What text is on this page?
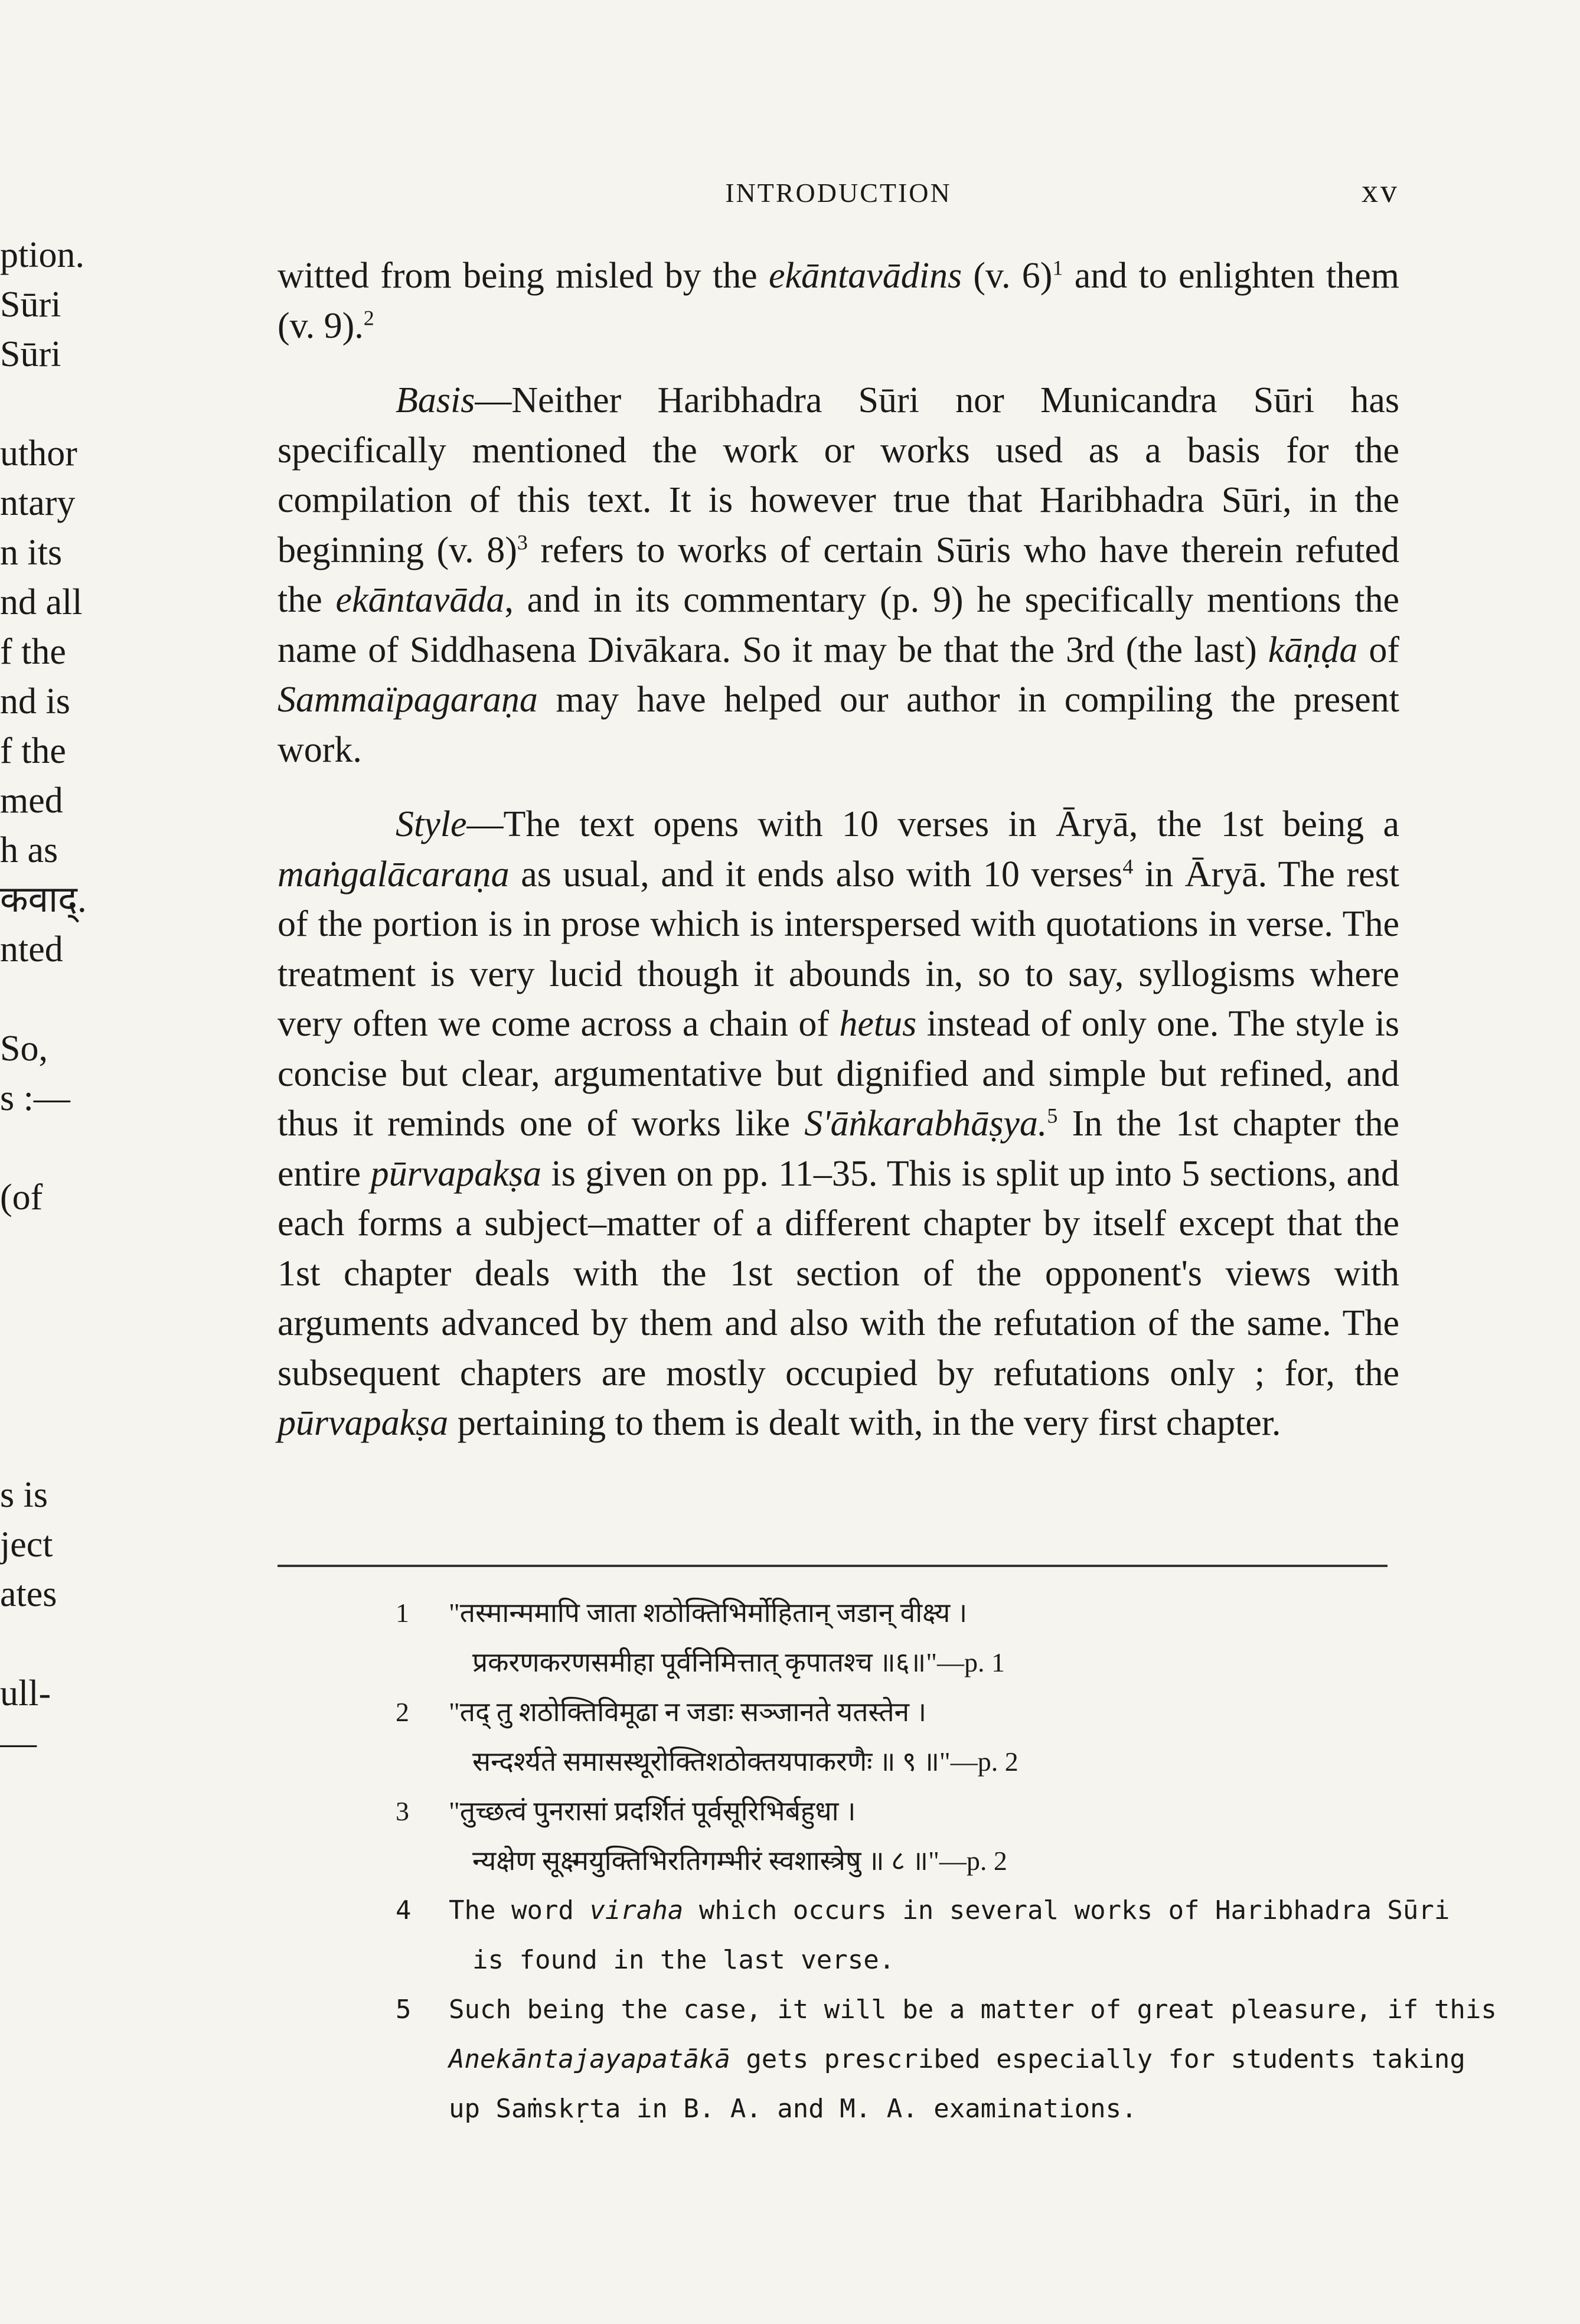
ption.
Sūri
Sūri
uthor
ntary
n its
nd all
f the
nd is
f the
med
h as
कवाद्.
nted
So,
s :—
(of
s is
ject
ates
ull-
—
INTRODUCTION	xv

witted from being misled by the ekāntavādins (v. 6)$^1$ and to enlighten them (v. 9).$^2$

Basis—Neither Haribhadra Sūri nor Municandra Sūri has specifically mentioned the work or works used as a basis for the compilation of this text. It is however true that Haribhadra Sūri, in the beginning (v. 8)$^3$ refers to works of certain Sūris who have therein refuted the ekāntavāda, and in its commentary (p. 9) he specifically mentions the name of Siddhasena Divākara. So it may be that the 3rd (the last) kāṇḍa of Sammaïpagaraṇa may have helped our author in compiling the present work.

Style—The text opens with 10 verses in Āryā, the 1st being a maṅgalācaraṇa as usual, and it ends also with 10 verses$^4$ in Āryā. The rest of the portion is in prose which is interspersed with quotations in verse. The treatment is very lucid though it abounds in, so to say, syllogisms where very often we come across a chain of hetus instead of only one. The style is concise but clear, argumentative but dignified and simple but refined, and thus it reminds one of works like S'āṅkarabhāṣya.$^5$ In the 1st chapter the entire pūrvapakṣa is given on pp. 11–35. This is split up into 5 sections, and each forms a subject–matter of a different chapter by itself except that the 1st chapter deals with the 1st section of the opponent's views with arguments advanced by them and also with the refutation of the same. The subsequent chapters are mostly occupied by refutations only ; for, the pūrvapakṣa pertaining to them is dealt with, in the very first chapter.

1 "तस्मान्ममापि जाता शठोक्तिभिर्मोहितान् जडान् वीक्ष्य ।
प्रकरणकरणसमीहा पूर्वनिमित्तात् कृपातश्च ॥६॥"—p. 1
2 "तद् तु शठोक्तिविमूढा न जडाः सञ्जानते यतस्तेन ।
सन्दर्श्यते समासस्थूरोक्तिशठोक्तयपाकरणैः ॥ ९ ॥"—p. 2
3 "तुच्छत्वं पुनरासां प्रदर्शितं पूर्वसूरिभिर्बहुधा ।
न्यक्षेण सूक्ष्मयुक्तिभिरतिगम्भीरं स्वशास्त्रेषु ॥ ८ ॥"—p. 2
4 The word viraha which occurs in several works of Haribhadra Sūri
is found in the last verse.
5 Such being the case, it will be a matter of great pleasure, if this
Anekāntajayapatākā gets prescribed especially for students taking
up Saṁskṛta in B. A. and M. A. examinations.
